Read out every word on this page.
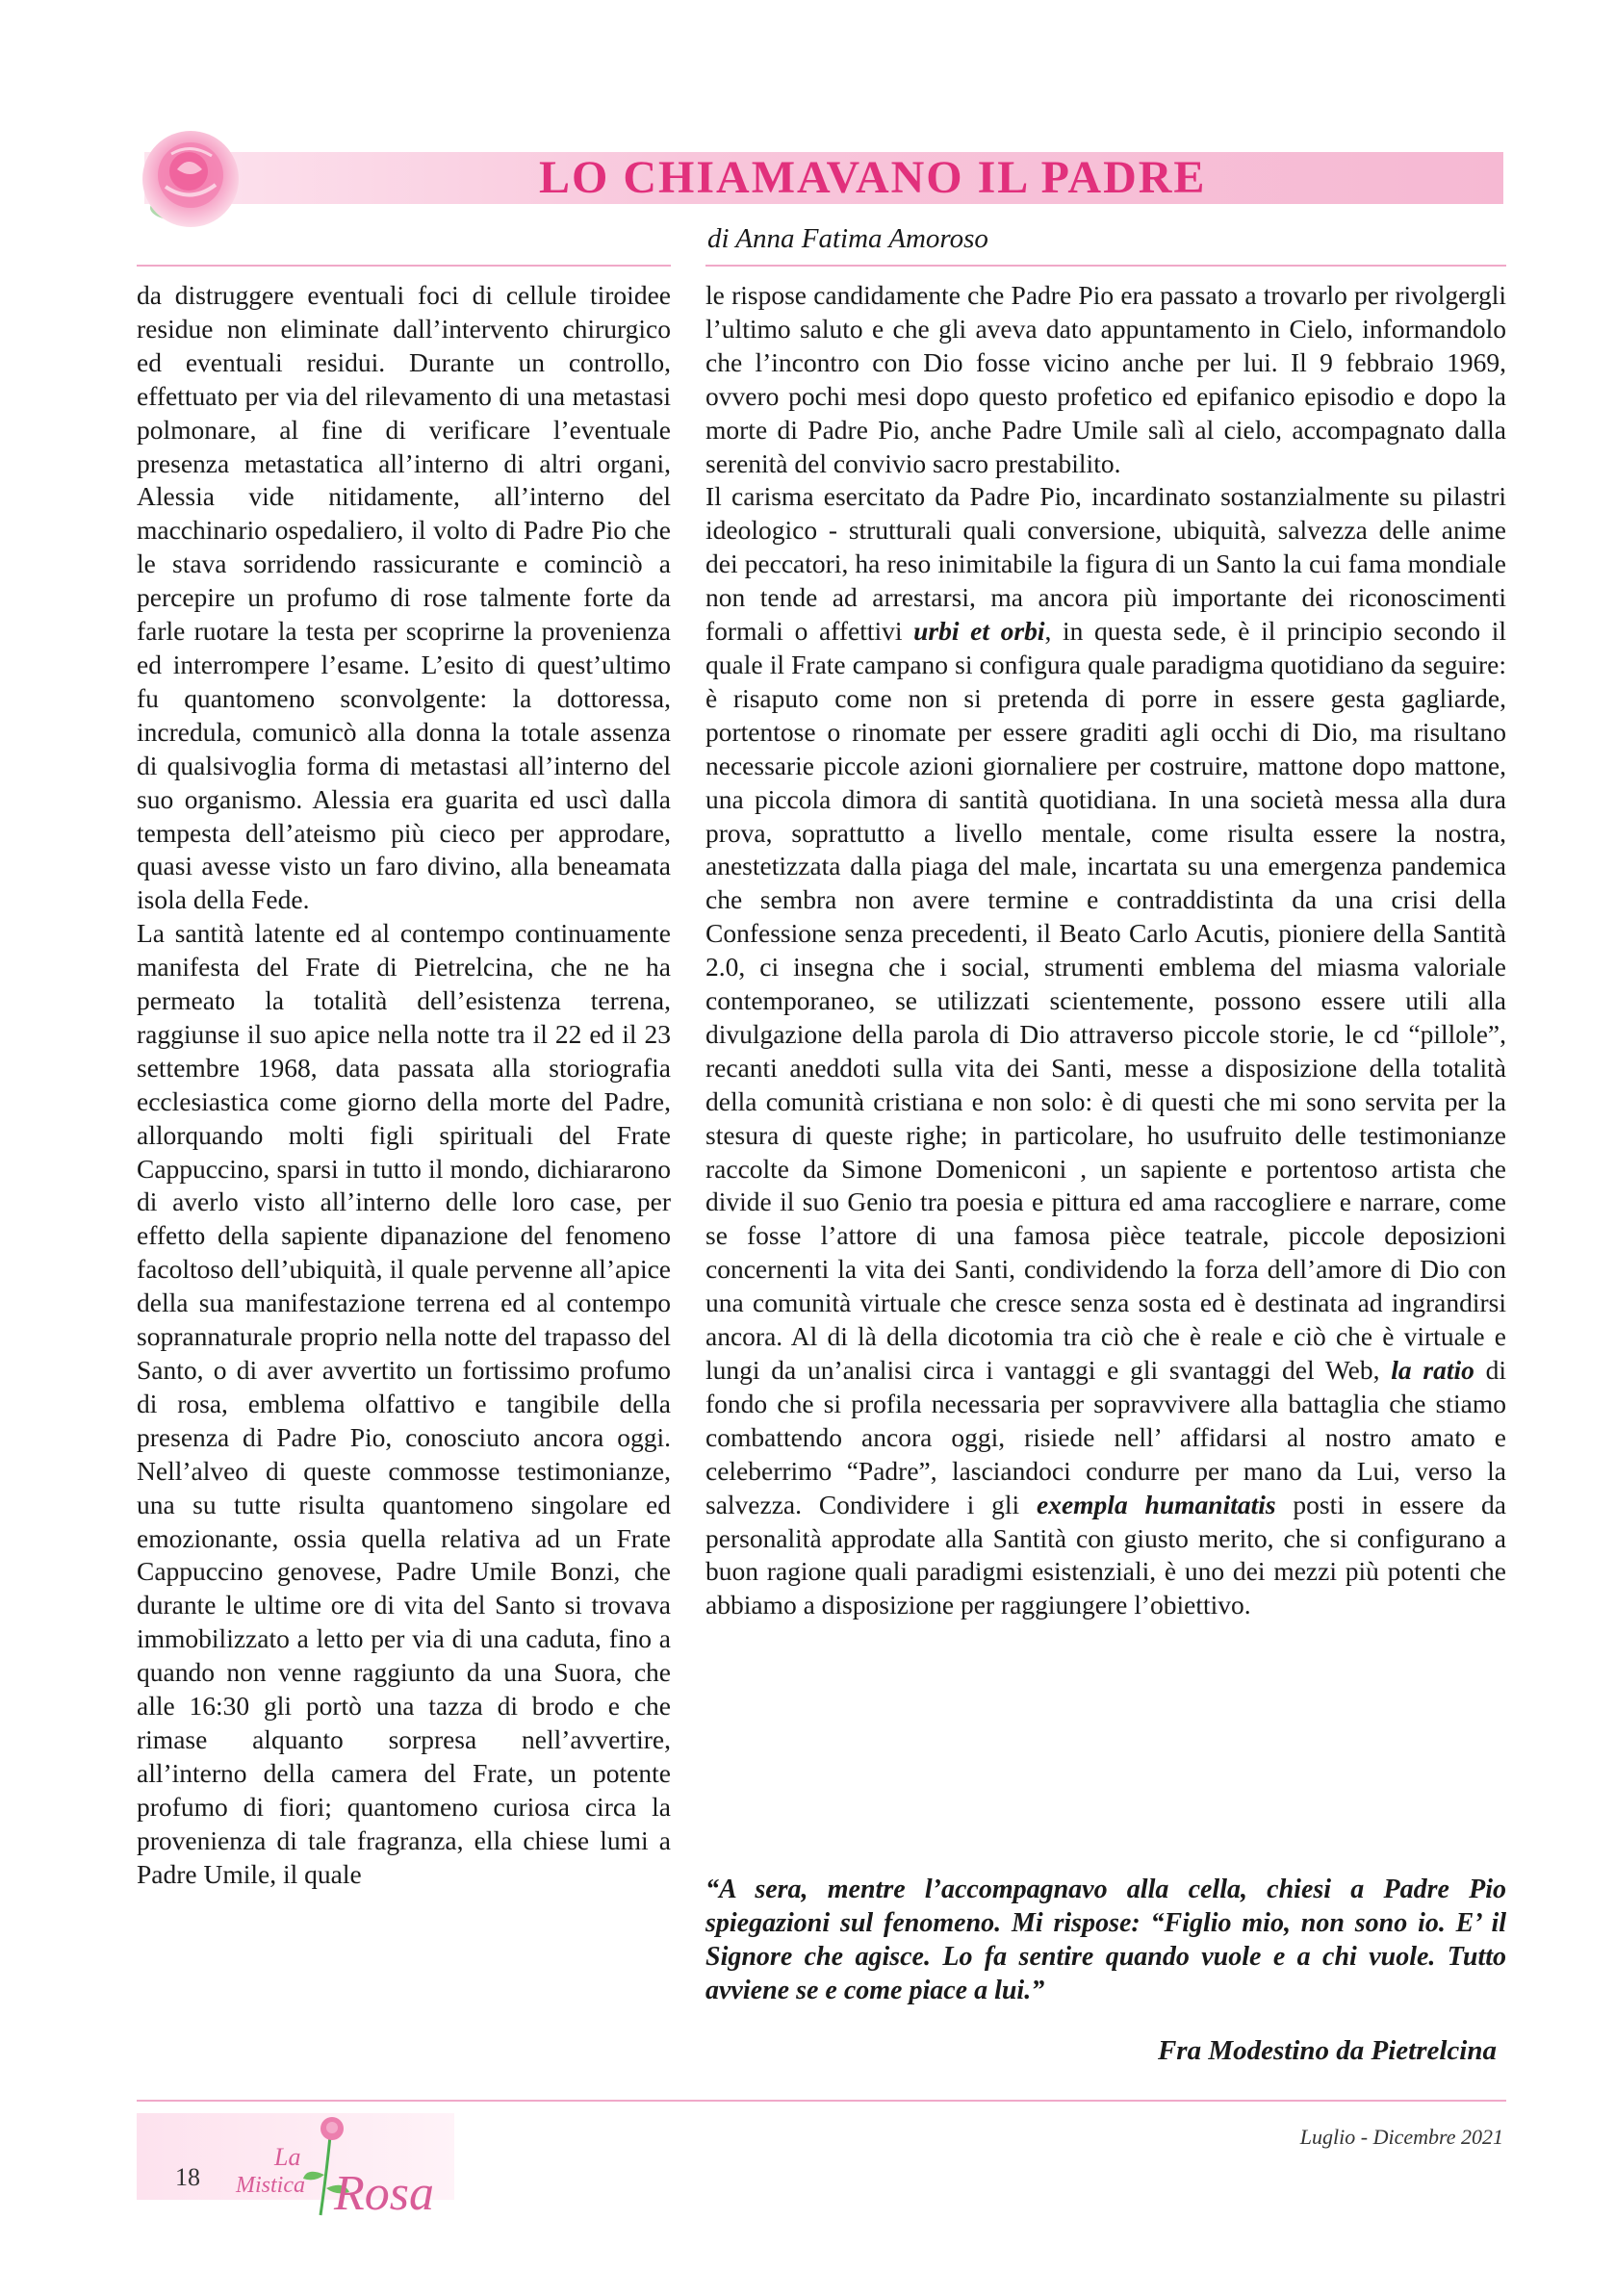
LO CHIAMAVANO IL PADRE
di Anna Fatima Amoroso

da distruggere eventuali foci di cellule tiroidee residue non eliminate dall’intervento chirurgico ed eventuali residui. Durante un controllo, effettuato per via del rilevamento di una metastasi polmonare, al fine di verificare l’eventuale presenza metastatica all’interno di altri organi, Alessia vide nitidamente, all’interno del macchinario ospedaliero, il volto di Padre Pio che le stava sorridendo rassicurante e cominciò a percepire un profumo di rose talmente forte da farle ruotare la testa per scoprirne la provenienza ed interrompere l’esame. L’esito di quest’ultimo fu quantomeno sconvolgente: la dottoressa, incredula, comunicò alla donna la totale assenza di qualsivoglia forma di metastasi all’interno del suo organismo. Alessia era guarita ed uscì dalla tempesta dell’ateismo più cieco per approdare, quasi avesse visto un faro divino, alla beneamata isola della Fede.

La santità latente ed al contempo continuamente manifesta del Frate di Pietrelcina, che ne ha permeato la totalità dell’esistenza terrena, raggiunse il suo apice nella notte tra il 22 ed il 23 settembre 1968, data passata alla storiografia ecclesiastica come giorno della morte del Padre, allorquando molti figli spirituali del Frate Cappuccino, sparsi in tutto il mondo, dichiararono di averlo visto all’interno delle loro case, per effetto della sapiente dipanazione del fenomeno facoltoso dell’ubiquità, il quale pervenne all’apice della sua manifestazione terrena ed al contempo soprannaturale proprio nella notte del trapasso del Santo, o di aver avvertito un fortissimo profumo di rosa, emblema olfattivo e tangibile della presenza di Padre Pio, conosciuto ancora oggi. Nell’alveo di queste commosse testimonianze, una su tutte risulta quantomeno singolare ed emozionante, ossia quella relativa ad un Frate Cappuccino genovese, Padre Umile Bonzi, che durante le ultime ore di vita del Santo si trovava immobilizzato a letto per via di una caduta, fino a quando non venne raggiunto da una Suora, che alle 16:30 gli portò una tazza di brodo e che rimase alquanto sorpresa nell’avvertire, all’interno della camera del Frate, un potente profumo di fiori; quantomeno curiosa circa la provenienza di tale fragranza, ella chiese lumi a Padre Umile, il quale

le rispose candidamente che Padre Pio era passato a trovarlo per rivolgergli l’ultimo saluto e che gli aveva dato appuntamento in Cielo, informandolo che l’incontro con Dio fosse vicino anche per lui. Il 9 febbraio 1969, ovvero pochi mesi dopo questo profetico ed epifanico episodio e dopo la morte di Padre Pio, anche Padre Umile salì al cielo, accompagnato dalla serenità del convivio sacro prestabilito.

Il carisma esercitato da Padre Pio, incardinato sostanzialmente su pilastri ideologico - strutturali quali conversione, ubiquità, salvezza delle anime dei peccatori, ha reso inimitabile la figura di un Santo la cui fama mondiale non tende ad arrestarsi, ma ancora più importante dei riconoscimenti formali o affettivi urbi et orbi, in questa sede, è il principio secondo il quale il Frate campano si configura quale paradigma quotidiano da seguire: è risaputo come non si pretenda di porre in essere gesta gagliarde, portentose o rinomate per essere graditi agli occhi di Dio, ma risultano necessarie piccole azioni giornaliere per costruire, mattone dopo mattone, una piccola dimora di santità quotidiana. In una società messa alla dura prova, soprattutto a livello mentale, come risulta essere la nostra, anestetizzata dalla piaga del male, incartata su una emergenza pandemica che sembra non avere termine e contraddistinta da una crisi della Confessione senza precedenti, il Beato Carlo Acutis, pioniere della Santità 2.0, ci insegna che i social, strumenti emblema del miasma valoriale contemporaneo, se utilizzati scientemente, possono essere utili alla divulgazione della parola di Dio attraverso piccole storie, le cd “pillole”, recanti aneddoti sulla vita dei Santi, messe a disposizione della totalità della comunità cristiana e non solo: è di questi che mi sono servita per la stesura di queste righe; in particolare, ho usufruito delle testimonianze raccolte da Simone Domeniconi , un sapiente e portentoso artista che divide il suo Genio tra poesia e pittura ed ama raccogliere e narrare, come se fosse l’attore di una famosa pièce teatrale, piccole deposizioni concernenti la vita dei Santi, condividendo la forza dell’amore di Dio con una comunità virtuale che cresce senza sosta ed è destinata ad ingrandirsi ancora. Al di là della dicotomia tra ciò che è reale e ciò che è virtuale e lungi da un’analisi circa i vantaggi e gli svantaggi del Web, la ratio di fondo che si profila necessaria per sopravvivere alla battaglia che stiamo combattendo ancora oggi, risiede nell’ affidarsi al nostro amato e celeberrimo “Padre”, lasciandoci condurre per mano da Lui, verso la salvezza. Condividere i gli exempla humanitatis posti in essere da personalità approdate alla Santità con giusto merito, che si configurano a buon ragione quali paradigmi esistenziali, è uno dei mezzi più potenti che abbiamo a disposizione per raggiungere l’obiettivo.

“A sera, mentre l’accompagnavo alla cella, chiesi a Padre Pio spiegazioni sul fenomeno. Mi rispose: “Figlio mio, non sono io. E’ il Signore che agisce. Lo fa sentire quando vuole e a chi vuole. Tutto avviene se e come piace a lui.”
Fra Modestino da Pietrelcina
18
La
Mistica Rosa
Luglio - Dicembre 2021
